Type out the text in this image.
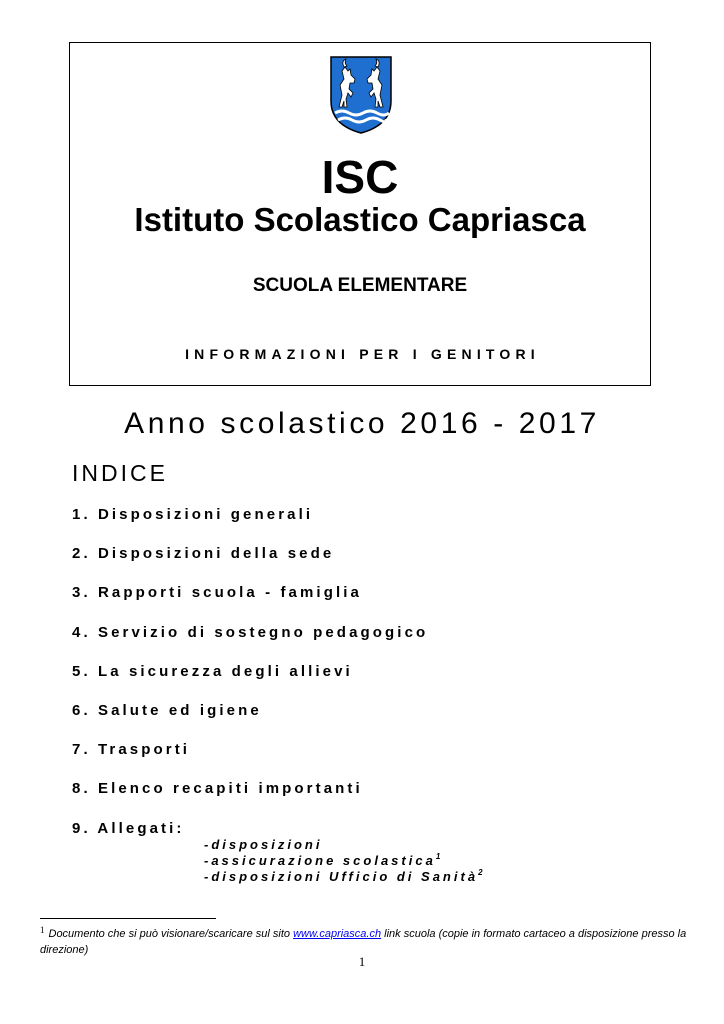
ISC
Istituto Scolastico Capriasca
SCUOLA ELEMENTARE
INFORMAZIONI PER I GENITORI
Anno scolastico 2016 - 2017
INDICE
1. Disposizioni generali
2. Disposizioni della sede
3. Rapporti scuola - famiglia
4. Servizio di sostegno pedagogico
5. La sicurezza degli allievi
6. Salute ed igiene
7. Trasporti
8. Elenco recapiti importanti
9. Allegati:
-disposizioni
-assicurazione scolastica$^1$
-disposizioni Ufficio di Sanità$^2$
$^1$ Documento che si può visionare/scaricare sul sito www.capriasca.ch link scuola (copie in formato cartaceo a disposizione presso la direzione)
1
